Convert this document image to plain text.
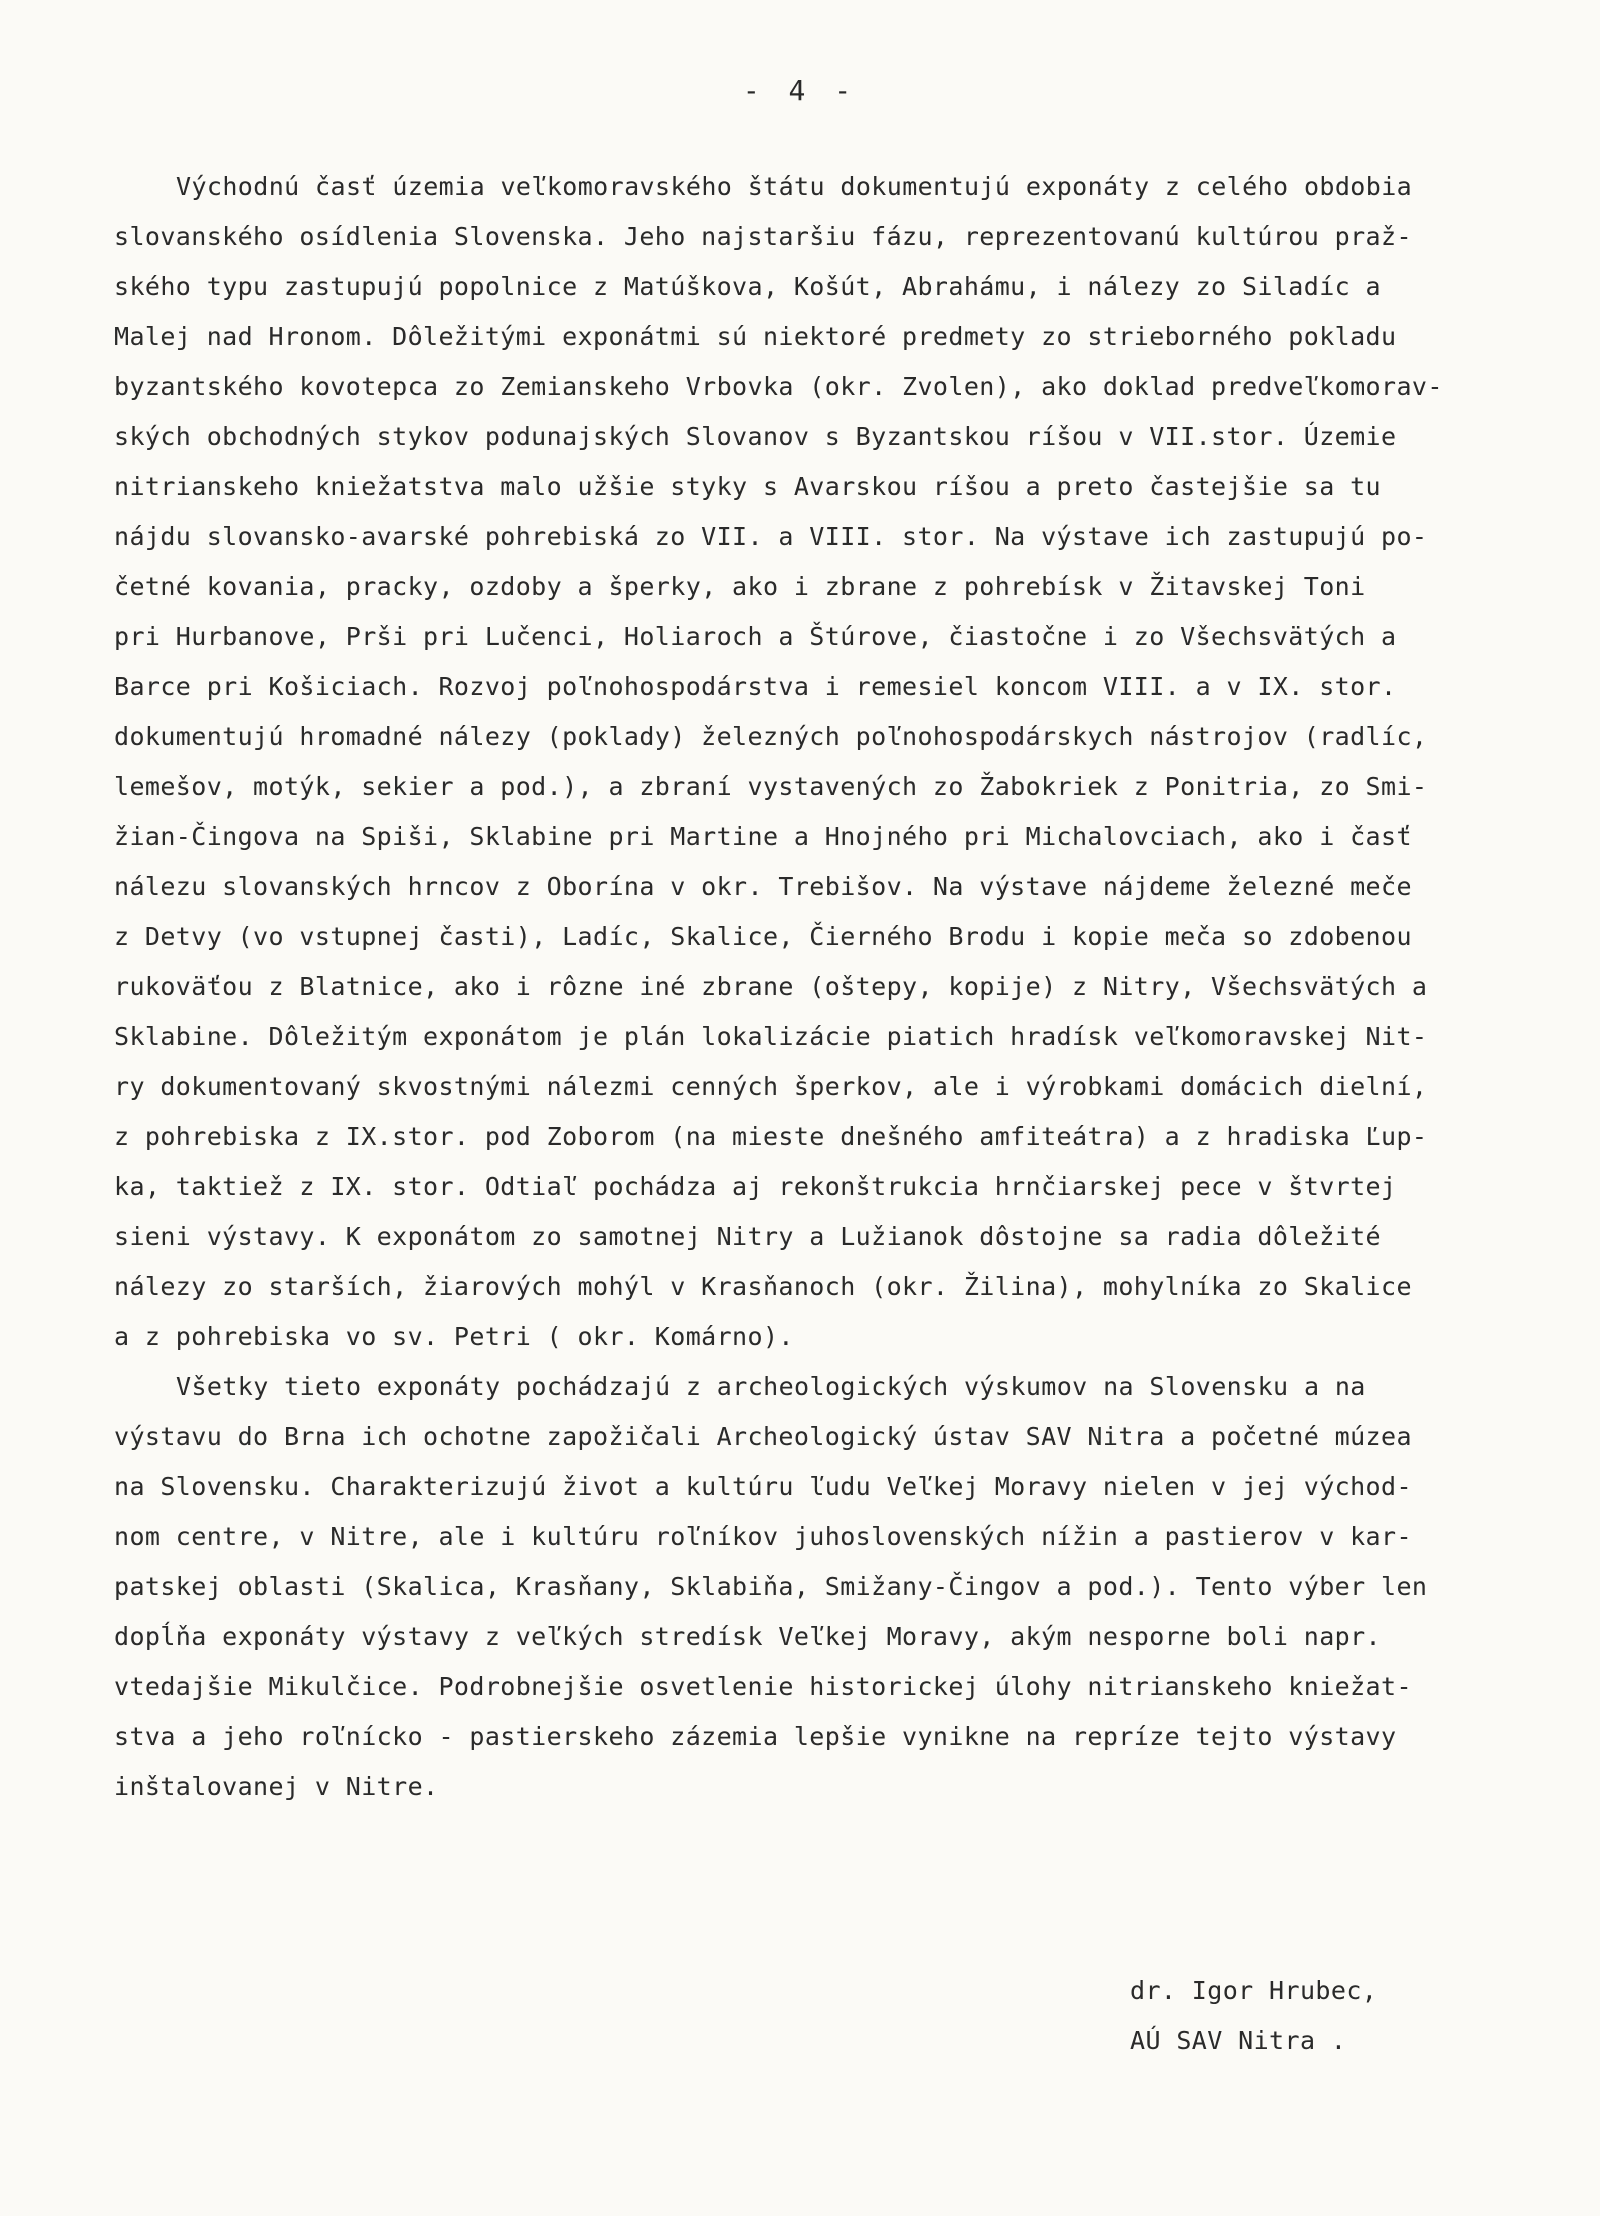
- 4 -
Východnú časť územia veľkomoravského štátu dokumentujú exponáty z celého obdobia
slovanského osídlenia Slovenska. Jeho najstaršiu fázu, reprezentovanú kultúrou praž-
ského typu zastupujú popolnice z Matúškova, Košút, Abrahámu, i nálezy zo Siladíc a
Malej nad Hronom. Dôležitými exponátmi sú niektoré predmety zo strieborného pokladu
byzantského kovotepca zo Zemianskeho Vrbovka (okr. Zvolen), ako doklad predveľkomorav-
ských obchodných stykov podunajských Slovanov s Byzantskou ríšou v VII.stor. Územie
nitrianskeho kniežatstva malo užšie styky s Avarskou ríšou a preto častejšie sa tu
nájdu slovansko-avarské pohrebiská zo VII. a VIII. stor. Na výstave ich zastupujú po-
četné kovania, pracky, ozdoby a šperky, ako i zbrane z pohrebísk v Žitavskej Toni
pri Hurbanove, Prši pri Lučenci, Holiaroch a Štúrove, čiastočne i zo Všechsvätých a
Barce pri Košiciach. Rozvoj poľnohospodárstva i remesiel koncom VIII. a v IX. stor.
dokumentujú hromadné nálezy (poklady) železných poľnohospodárskych nástrojov (radlíc,
lemešov, motýk, sekier a pod.), a zbraní vystavených zo Žabokriek z Ponitria, zo Smi-
žian-Čingova na Spiši, Sklabine pri Martine a Hnojného pri Michalovciach, ako i časť
nálezu slovanských hrncov z Oborína v okr. Trebišov. Na výstave nájdeme železné meče
z Detvy (vo vstupnej časti), Ladíc, Skalice, Čierného Brodu i kopie meča so zdobenou
rukoväťou z Blatnice, ako i rôzne iné zbrane (oštepy, kopije) z Nitry, Všechsvätých a
Sklabine. Dôležitým exponátom je plán lokalizácie piatich hradísk veľkomoravskej Nit-
ry dokumentovaný skvostnými nálezmi cenných šperkov, ale i výrobkami domácich dielní,
z pohrebiska z IX.stor. pod Zoborom (na mieste dnešného amfiteátra) a z hradiska Ľup-
ka, taktiež z IX. stor. Odtiaľ pochádza aj rekonštrukcia hrnčiarskej pece v štvrtej
sieni výstavy. K exponátom zo samotnej Nitry a Lužianok dôstojne sa radia dôležité
nálezy zo starších, žiarových mohýl v Krasňanoch (okr. Žilina), mohylníka zo Skalice
a z pohrebiska vo sv. Petri ( okr. Komárno).
Všetky tieto exponáty pochádzajú z archeologických výskumov na Slovensku a na
výstavu do Brna ich ochotne zapožičali Archeologický ústav SAV Nitra a početné múzea
na Slovensku. Charakterizujú život a kultúru ľudu Veľkej Moravy nielen v jej východ-
nom centre, v Nitre, ale i kultúru roľníkov juhoslovenských nížin a pastierov v kar-
patskej oblasti (Skalica, Krasňany, Sklabiňa, Smižany-Čingov a pod.). Tento výber len
dopĺňa exponáty výstavy z veľkých stredísk Veľkej Moravy, akým nesporne boli napr.
vtedajšie Mikulčice. Podrobnejšie osvetlenie historickej úlohy nitrianskeho kniežat-
stva a jeho roľnícko - pastierskeho zázemia lepšie vynikne na repríze tejto výstavy
inštalovanej v Nitre.
dr. Igor Hrubec,
AÚ SAV Nitra .
